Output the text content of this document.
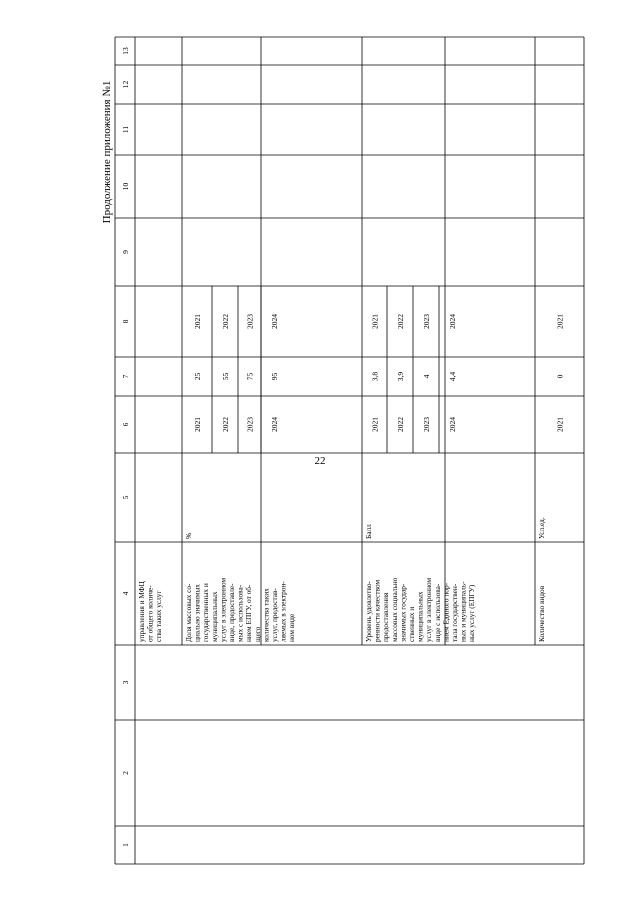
22
Продолжение приложения №1
1
2
3
4
5
6
7
8
9
10
11
12
13
управления и МФЦ от общего количе- ства таких услуг	Доля массовых со- циально значимых государственных и муниципальных услуг в электронном виде, предоставле- мых с использова- нием ЕПГУ, от об- щего количества таких услуг, предостав- ляемых в электрон- ном виде
%
2021
25
2021
2022
55
2022
2023
75
2023
2024
95
2024
Уровень удовлетво- ренности качеством предоставления массовых социально значимых государ- ственных и муниципальных услуг в электронном виде с использова- нием Единого пор- тала государствен- ных и муниципаль- ных услуг (ЕПГУ)
Балл
2021
3,8
2021
2022
3,9
2022
2023
4
2023
2024
4,4
2024
Количество видов
Усл.ед.
2021
0
2021
